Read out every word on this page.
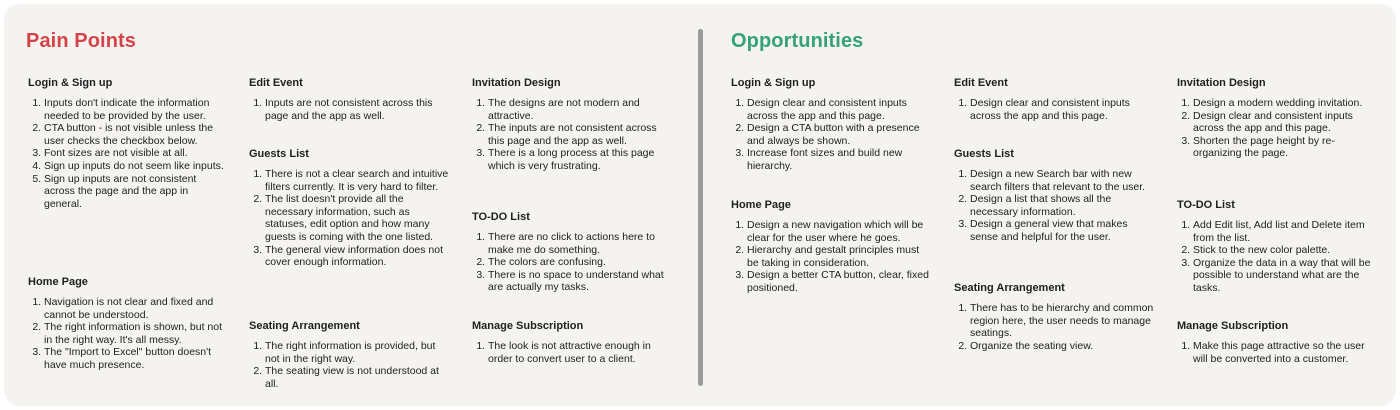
Pain Points
Login & Sign up
1. Inputs don't indicate the information needed to be provided by the user.
2. CTA button - is not visible unless the user checks the checkbox below.
3. Font sizes are not visible at all.
4. Sign up inputs do not seem like inputs.
5. Sign up inputs are not consistent across the page and the app in general.
Home Page
1. Navigation is not clear and fixed and cannot be understood.
2. The right information is shown, but not in the right way. It's all messy.
3. The "Import to Excel" button doesn't have much presence.
Edit Event
1. Inputs are not consistent across this page and the app as well.
Guests List
1. There is not a clear search and intuitive filters currently. It is very hard to filter.
2. The list doesn't provide all the necessary information, such as statuses, edit option and how many guests is coming with the one listed.
3. The general view information does not cover enough information.
Seating Arrangement
1. The right information is provided, but not in the right way.
2. The seating view is not understood at all.
Invitation Design
1. The designs are not modern and attractive.
2. The inputs are not consistent across this page and the app as well.
3. There is a long process at this page which is very frustrating.
TO-DO List
1. There are no click to actions here to make me do something.
2. The colors are confusing.
3. There is no space to understand what are actually my tasks.
Manage Subscription
1. The look is not attractive enough in order to convert user to a client.
Opportunities
Login & Sign up
1. Design clear and consistent inputs across the app and this page.
2. Design a CTA button with a presence and always be shown.
3. Increase font sizes and build new hierarchy.
Home Page
1. Design a new navigation which will be clear for the user where he goes.
2. Hierarchy and gestalt principles must be taking in consideration.
3. Design a better CTA button, clear, fixed positioned.
Edit Event
1. Design clear and consistent inputs across the app and this page.
Guests List
1. Design a new Search bar with new search filters that relevant to the user.
2. Design a list that shows all the necessary information.
3. Design a general view that makes sense and helpful for the user.
Seating Arrangement
1. There has to be hierarchy and common region here, the user needs to manage seatings.
2. Organize the seating view.
Invitation Design
1. Design a modern wedding invitation.
2. Design clear and consistent inputs across the app and this page.
3. Shorten the page height by re-organizing the page.
TO-DO List
1. Add Edit list, Add list and Delete item from the list.
2. Stick to the new color palette.
3. Organize the data in a way that will be possible to understand what are the tasks.
Manage Subscription
1. Make this page attractive so the user will be converted into a customer.
